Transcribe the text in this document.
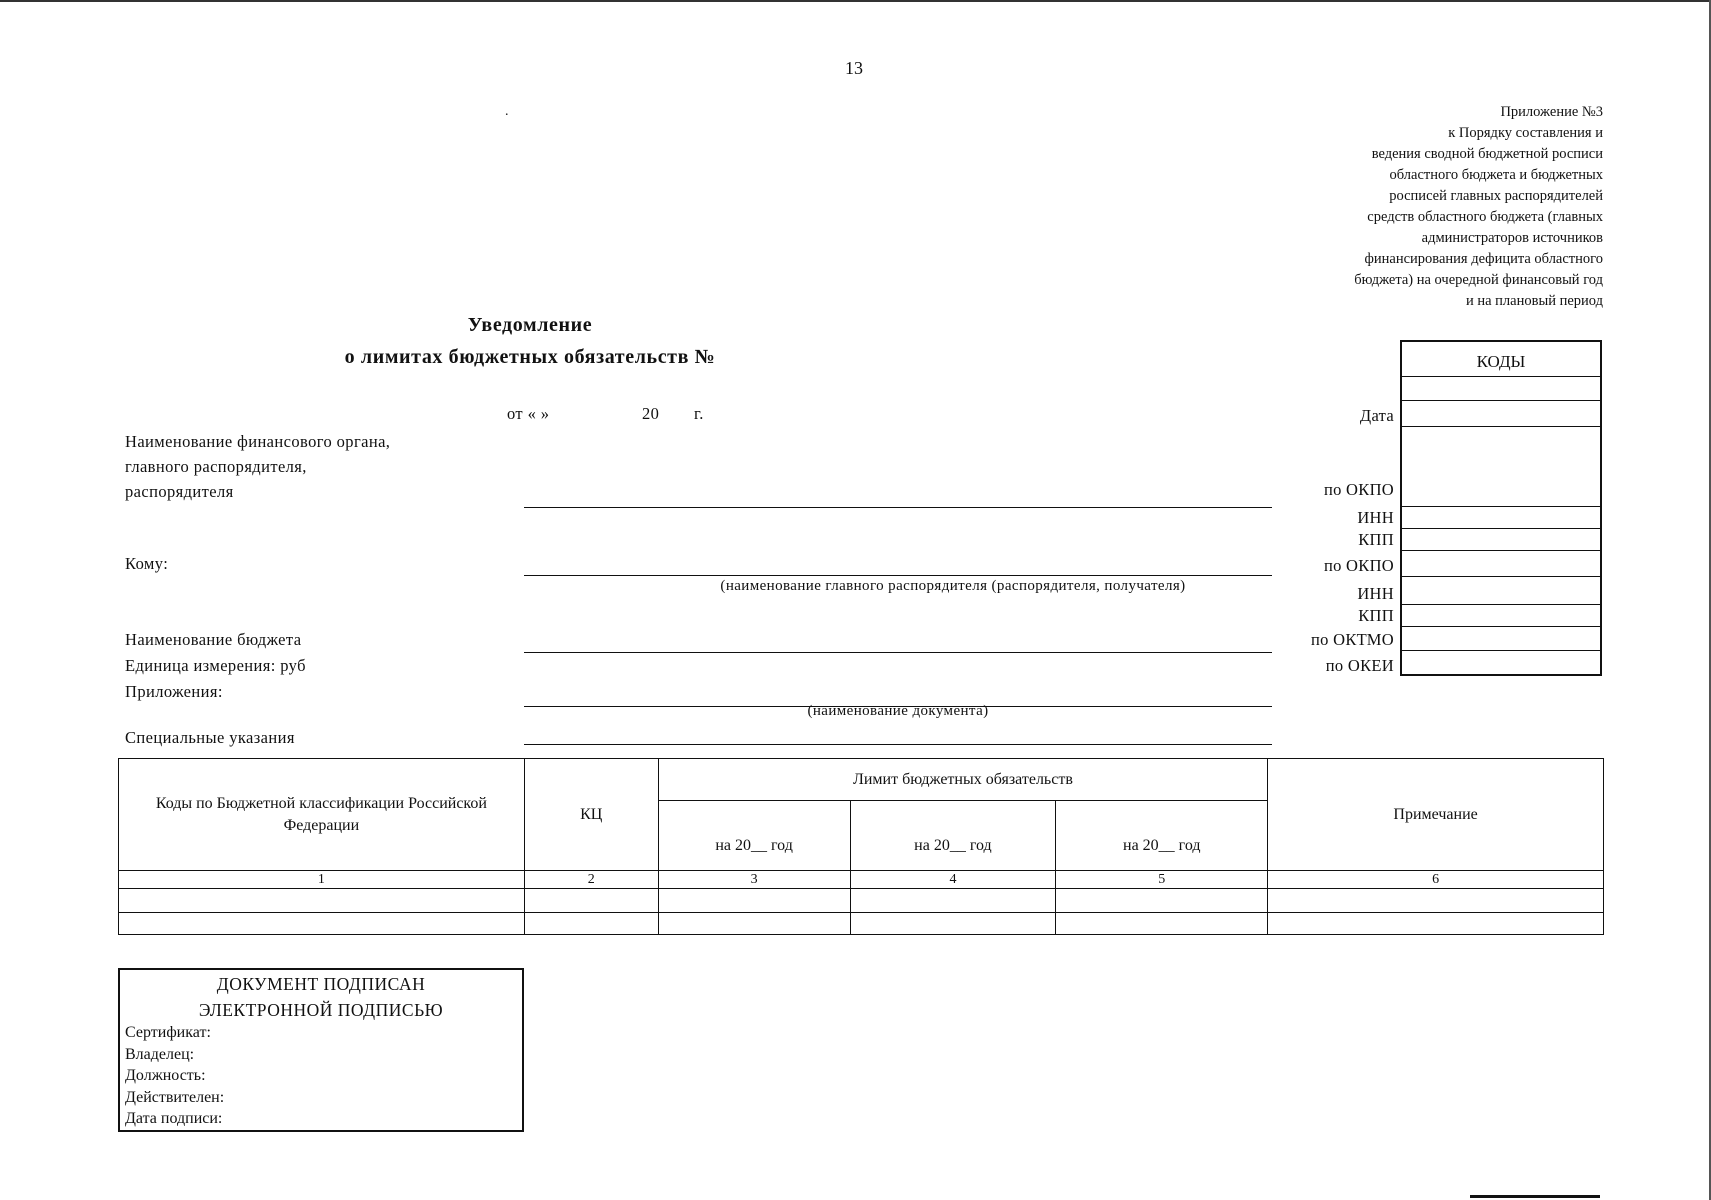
13
.	Приложение №3
к Порядку составления и
ведения сводной бюджетной росписи
областного бюджета и бюджетных
росписей главных распорядителей
средств областного бюджета (главных
администраторов источников
финансирования дефицита областного
бюджета) на очередной финансовый год
и на плановый период
Уведомление
о лимитах бюджетных обязательств №
от « »	20 г.
КОДЫ
Дата
по ОКПО
ИНН
КПП
по ОКПО
ИНН
КПП
по ОКТМО
по ОКЕИ
Наименование финансового органа,
главного распорядителя,
распорядителя
Кому:
(наименование главного распорядителя (распорядителя, получателя)
Наименование бюджета
Единица измерения: руб
Приложения:
(наименование документа)
Специальные указания
Коды по Бюджетной классификации Российской Федерации	КЦ	Лимит бюджетных обязательств			Примечание
		на 20__ год	на 20__ год	на 20__ год	
1	2	3	4	5	6

ДОКУМЕНТ ПОДПИСАН
ЭЛЕКТРОННОЙ ПОДПИСЬЮ
Сертификат:
Владелец:
Должность:
Действителен:
Дата подписи:
